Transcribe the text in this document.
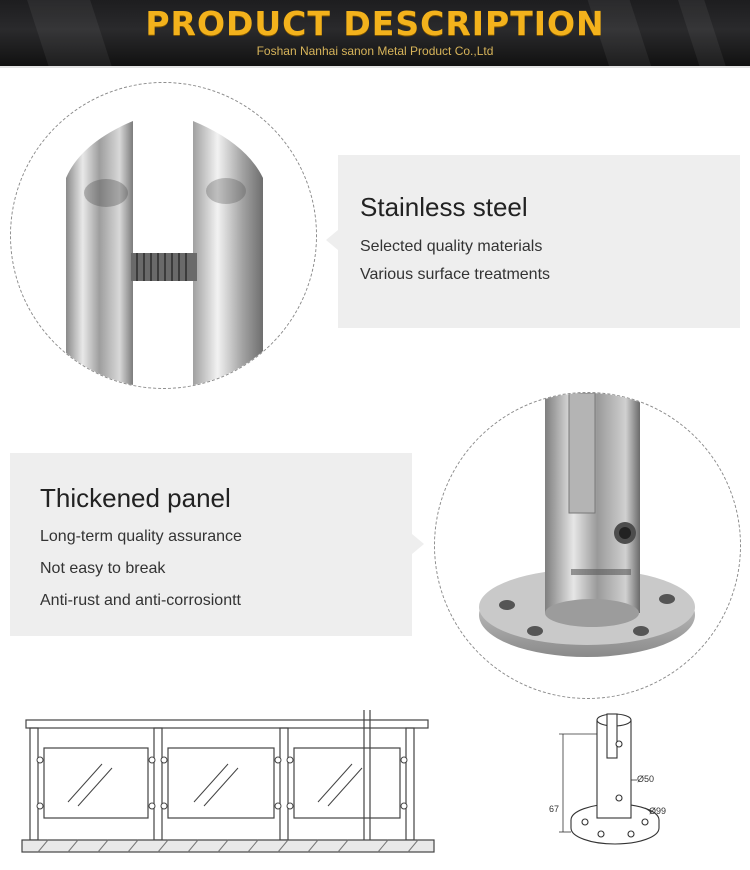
PRODUCT DESCRIPTION
Foshan Nanhai sanon Metal Product Co.,Ltd
Stainless steel
Selected quality materials
Various surface treatments
Thickened panel
Long-term quality assurance
Not easy to break
Anti-rust and anti-corrosiontt
67
Ø50
Ø99
